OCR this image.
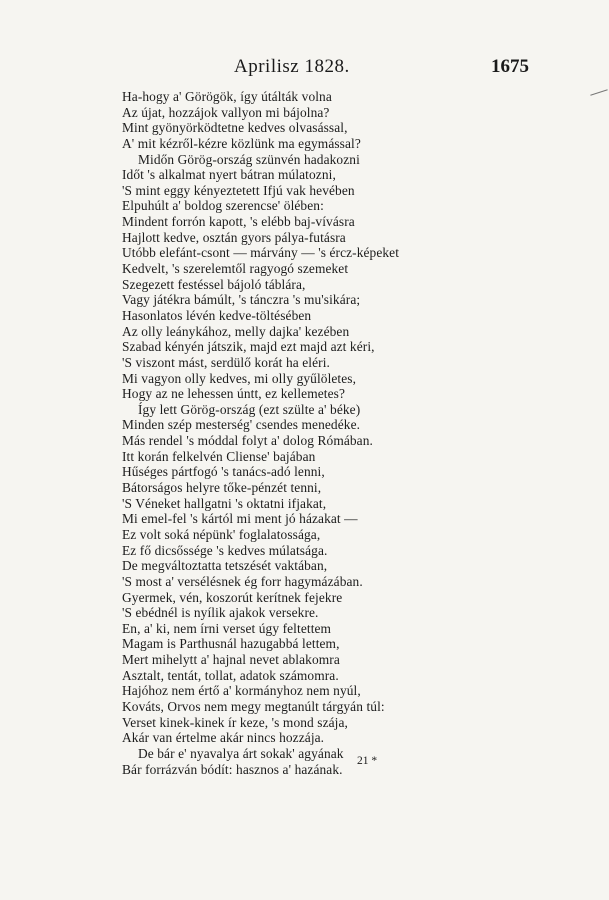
Aprilisz 1828.	1675
Ha-hogy a' Görögök, így útálták volna
Az újat, hozzájok vallyon mi bájolna?
Mint gyönyörködtetne kedves olvasással,
A' mit kézről-kézre közlünk ma egymással?
Midőn Görög-ország szünvén hadakozni
Időt 's alkalmat nyert bátran múlatozni,
'S mint eggy kényeztetett Ifjú vak hevében
Elpuhúlt a' boldog szerencse' ölében:
Mindent forrón kapott, 's elébb baj-vívásra
Hajlott kedve, osztán gyors pálya-futásra
Utóbb elefánt-csont — márvány — 's ércz-képeket
Kedvelt, 's szerelemtől ragyogó szemeket
Szegezett festéssel bájoló táblára,
Vagy játékra bámúlt, 's tánczra 's mu'sikára;
Hasonlatos lévén kedve-töltésében
Az olly leánykához, melly dajka' kezében
Szabad kényén játszik, majd ezt majd azt kéri,
'S viszont mást, serdülő korát ha eléri.
Mi vagyon olly kedves, mi olly gyűlöletes,
Hogy az ne lehessen úntt, ez kellemetes?
Így lett Görög-ország (ezt szülte a' béke)
Minden szép mesterség' csendes menedéke.
Más rendel 's móddal folyt a' dolog Rómában.
Itt korán felkelvén Cliense' bajában
Hűséges pártfogó 's tanács-adó lenni,
Bátorságos helyre tőke-pénzét tenni,
'S Véneket hallgatni 's oktatni ifjakat,
Mi emel-fel 's kártól mi ment jó házakat —
Ez volt soká népünk' foglalatossága,
Ez fő dicsőssége 's kedves múlatsága.
De megváltoztatta tetszését vaktában,
'S most a' versélésnek ég forr hagymázában.
Gyermek, vén, koszorút kerítnek fejekre
'S ebédnél is nyílik ajakok versekre.
En, a' ki, nem írni verset úgy feltettem
Magam is Parthusnál hazugabbá lettem,
Mert mihelytt a' hajnal nevet ablakomra
Asztalt, tentát, tollat, adatok számomra.
Hajóhoz nem értő a' kormányhoz nem nyúl,
Kováts, Orvos nem megy megtanúlt tárgyán túl:
Verset kinek-kinek ír keze, 's mond szája,
Akár van értelme akár nincs hozzája.
De bár e' nyavalya árt sokak' agyának
Bár forrázván bódít: hasznos a' hazának.
21 *
